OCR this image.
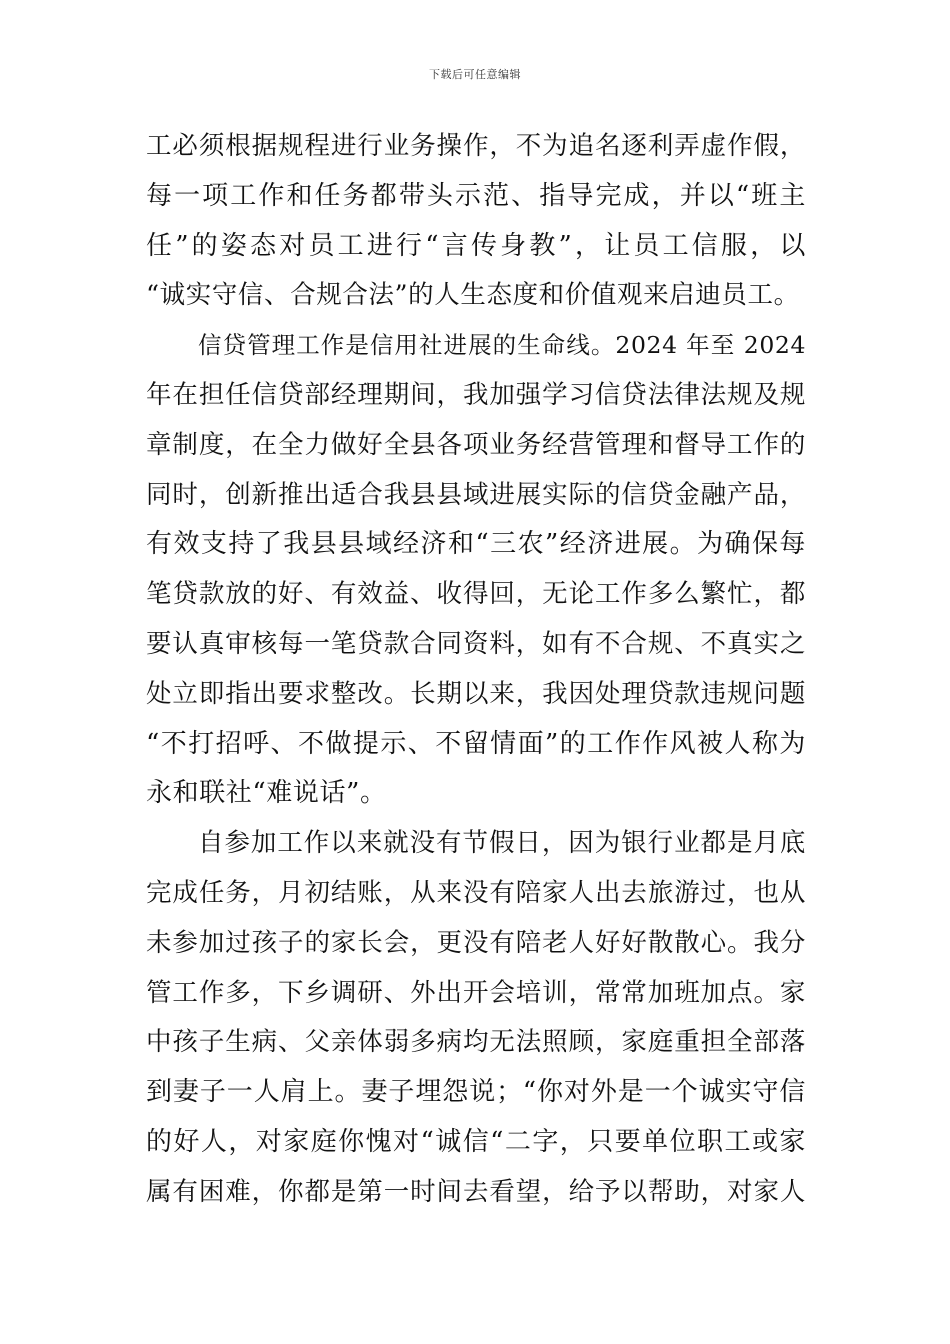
下载后可任意编辑
工必须根据规程进行业务操作，不为追名逐利弄虚作假，
每一项工作和任务都带头示范、指导完成，并以“班主
任”的姿态对员工进行“言传身教”，让员工信服，以
“诚实守信、合规合法”的人生态度和价值观来启迪员工。
信贷管理工作是信用社进展的生命线。2024 年至 2024
年在担任信贷部经理期间，我加强学习信贷法律法规及规
章制度，在全力做好全县各项业务经营管理和督导工作的
同时，创新推出适合我县县域进展实际的信贷金融产品，
有效支持了我县县域经济和“三农”经济进展。为确保每
笔贷款放的好、有效益、收得回，无论工作多么繁忙，都
要认真审核每一笔贷款合同资料，如有不合规、不真实之
处立即指出要求整改。长期以来，我因处理贷款违规问题
“不打招呼、不做提示、不留情面”的工作作风被人称为
永和联社“难说话”。
自参加工作以来就没有节假日，因为银行业都是月底
完成任务，月初结账，从来没有陪家人出去旅游过，也从
未参加过孩子的家长会，更没有陪老人好好散散心。我分
管工作多，下乡调研、外出开会培训，常常加班加点。家
中孩子生病、父亲体弱多病均无法照顾，家庭重担全部落
到妻子一人肩上。妻子埋怨说；“你对外是一个诚实守信
的好人，对家庭你愧对“诚信“二字，只要单位职工或家
属有困难，你都是第一时间去看望，给予以帮助，对家人
